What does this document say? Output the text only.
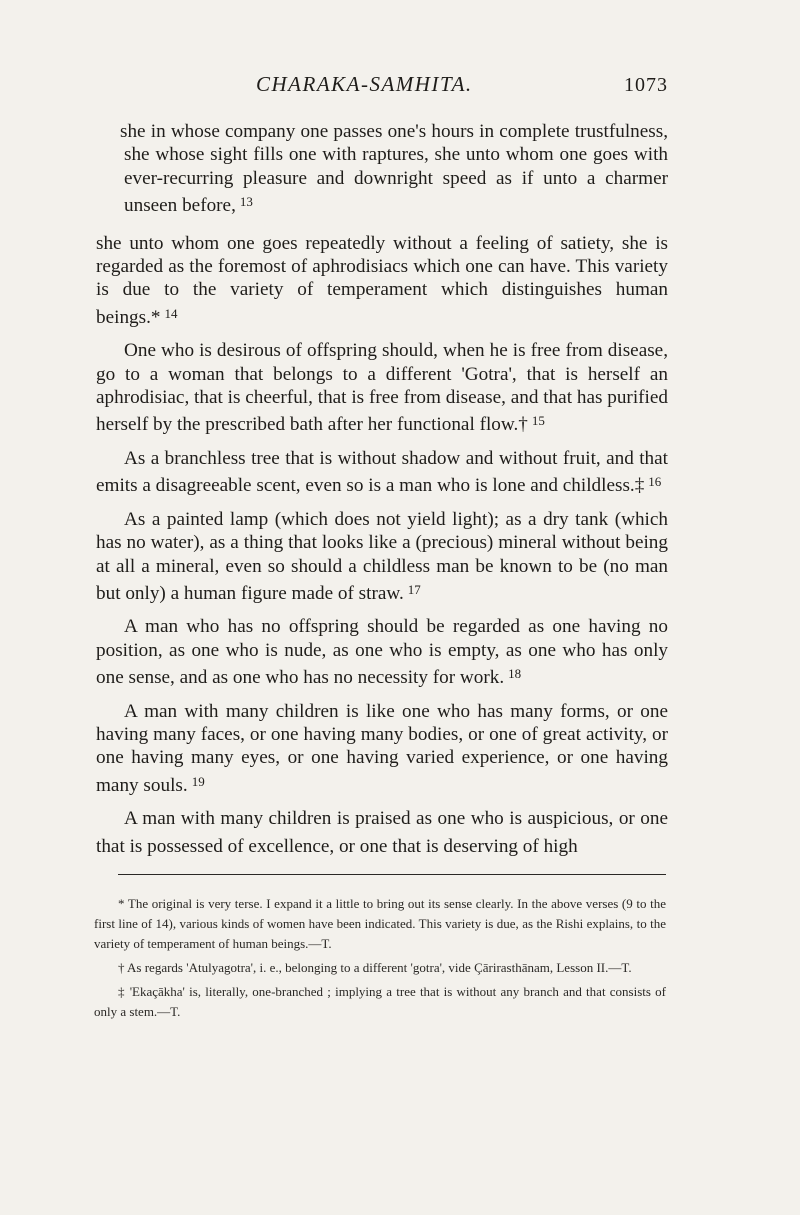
CHARAKA-SAMHITA.	1073

she in whose company one passes one's hours in complete trustfulness, she whose sight fills one with raptures, she unto whom one goes with ever-recurring pleasure and downright speed as if unto a charmer unseen before, $^{13}$

she unto whom one goes repeatedly without a feeling of satiety, she is regarded as the foremost of aphrodisiacs which one can have. This variety is due to the variety of temperament which distinguishes human beings.* $^{14}$

One who is desirous of offspring should, when he is free from disease, go to a woman that belongs to a different 'Gotra', that is herself an aphrodisiac, that is cheerful, that is free from disease, and that has purified herself by the prescribed bath after her functional flow.† $^{15}$

As a branchless tree that is without shadow and without fruit, and that emits a disagreeable scent, even so is a man who is lone and childless.‡ $^{16}$

As a painted lamp (which does not yield light); as a dry tank (which has no water), as a thing that looks like a (precious) mineral without being at all a mineral, even so should a childless man be known to be (no man but only) a human figure made of straw. $^{17}$

A man who has no offspring should be regarded as one having no position, as one who is nude, as one who is empty, as one who has only one sense, and as one who has no necessity for work. $^{18}$

A man with many children is like one who has many forms, or one having many faces, or one having many bodies, or one of great activity, or one having many eyes, or one having varied experience, or one having many souls. $^{19}$

A man with many children is praised as one who is auspicious, or one that is possessed of excellence, or one that is deserving of high

* The original is very terse. I expand it a little to bring out its sense clearly. In the above verses (9 to the first line of 14), various kinds of women have been indicated. This variety is due, as the Rishi explains, to the variety of temperament of human beings.—T.

† As regards 'Atulyagotra', i. e., belonging to a different 'gotra', vide Çārirasthānam, Lesson II.—T.

‡ 'Ekaçākha' is, literally, one-branched ; implying a tree that is without any branch and that consists of only a stem.—T.
